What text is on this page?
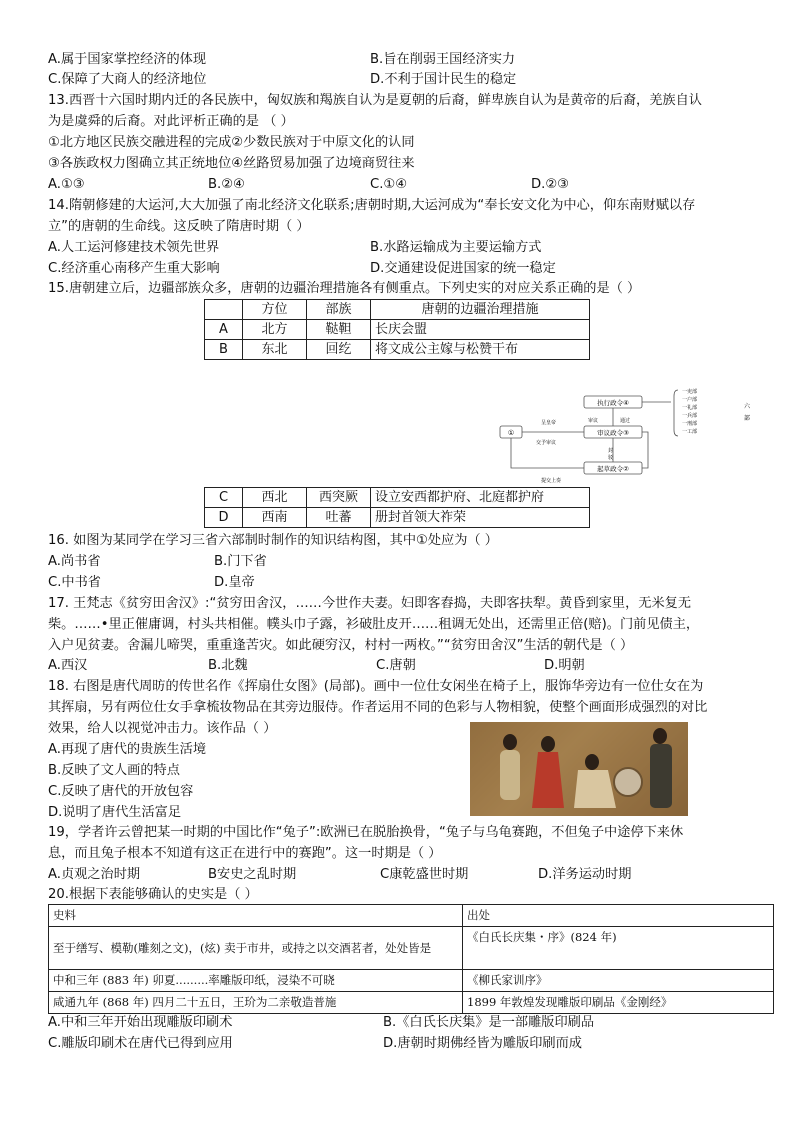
A.属于国家掌控经济的体现	B.旨在削弱王国经济实力
C.保障了大商人的经济地位	D.不利于国计民生的稳定
13.西晋十六国时期内迁的各民族中，匈奴族和羯族自认为是夏朝的后裔，鲜卑族自认为是黄帝的后裔，羌族自认
为是虞舜的后裔。对此评析正确的是 （ ）
①北方地区民族交融进程的完成②少数民族对于中原文化的认同
③各族政权力图确立其正统地位④丝路贸易加强了边境商贸往来
A.①③	B.②④	C.①④	D.②③
14.隋朝修建的大运河,大大加强了南北经济文化联系;唐朝时期,大运河成为“奉长安文化为中心，仰东南财赋以存
立”的唐朝的生命线。这反映了隋唐时期（ ）
A.人工运河修建技术领先世界	B.水路运输成为主要运输方式
C.经济重心南移产生重大影响	D.交通建设促进国家的统一稳定
15.唐朝建立后，边疆部族众多，唐朝的边疆治理措施各有侧重点。下列史实的对应关系正确的是（ ）
	方位	部族	唐朝的边疆治理措施
A	北方	鞑靼	长庆会盟
B	东北	回纥	将文成公主嫁与松赞干布
①
执行政令④
审议政令③
起草政令②
呈皇帝
交予审议
提交上奏
审议	通过
封
驳
一吏部
一户部
一礼部
一兵部
一刑部
一工部
六
部
C	西北	西突厥	设立安西都护府、北庭都护府
D	西南	吐蕃	册封首领大祚荣
16. 如图为某同学在学习三省六部制时制作的知识结构图，其中①处应为（ ）
A.尚书省	B.门下省
C.中书省	D.皇帝
17. 王梵志《贫穷田舍汉》:“贫穷田舍汉，……今世作夫妻。妇即客舂捣，夫即客扶犁。黄昏到家里，无米复无
柴。……•里正催庸调，村头共相催。幞头巾子露，衫破肚皮开……租调无处出，还需里正倍(赔)。门前见债主，
入户见贫妻。舍漏儿啼哭，重重逢苦灾。如此硬穷汉，村村一两枚。”“贫穷田舍汉”生活的朝代是（ ）
A.西汉	B.北魏	C.唐朝	D.明朝
18. 右图是唐代周昉的传世名作《挥扇仕女图》(局部)。画中一位仕女闲坐在椅子上，服饰华旁边有一位仕女在为
其挥扇，另有两位仕女手拿梳妆物品在其旁边服侍。作者运用不同的色彩与人物相貌，使整个画面形成强烈的对比
效果，给人以视觉冲击力。该作品（ ）
A.再现了唐代的贵族生活境
B.反映了文人画的特点
C.反映了唐代的开放包容
D.说明了唐代生活富足
19，学者许云曾把某一时期的中国比作“兔子”:欧洲已在脱胎换骨，“兔子与乌龟赛跑，不但兔子中途停下来休
息，而且兔子根本不知道有这正在进行中的赛跑”。这一时期是（ ）
A.贞观之治时期	B安史之乱时期	C康乾盛世时期	D.洋务运动时期
20.根据下表能够确认的史实是（ ）
史料	出处
至于缮写、模勒(雕刻之文)，(炫) 卖于市井，或持之以交酒茗者，处处皆是	《白氏长庆集・序》(824 年)
中和三年 (883 年) 卯夏.........率雕版印纸，浸染不可晓	《柳氏家训序》
咸通九年 (868 年) 四月二十五日，王玠为二亲敬造普施	1899 年敦煌发现雕版印刷品《金刚经》
A.中和三年开始出现雕版印刷术	B.《白氏长庆集》是一部雕版印刷品
C.雕版印刷术在唐代已得到应用	D.唐朝时期佛经皆为雕版印刷而成
